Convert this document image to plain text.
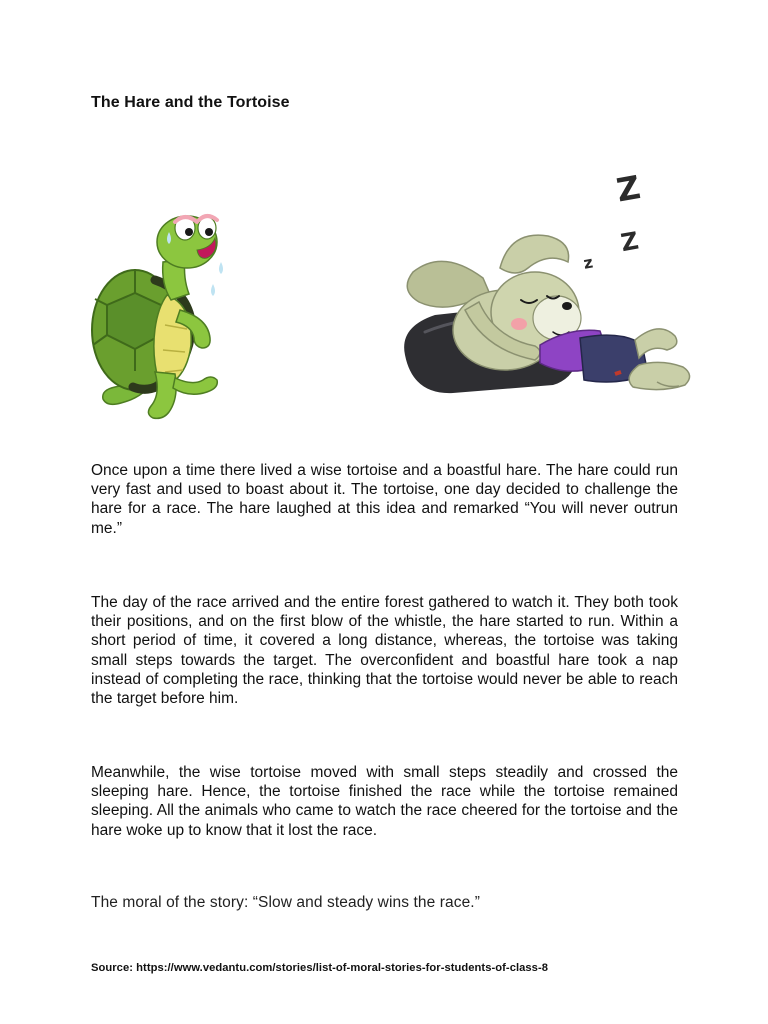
The Hare and the Tortoise
Z
Z
z

Once upon a time there lived a wise tortoise and a boastful hare. The hare could run very fast and used to boast about it. The tortoise, one day decided to challenge the hare for a race. The hare laughed at this idea and remarked “You will never outrun me.”

The day of the race arrived and the entire forest gathered to watch it. They both took their positions, and on the first blow of the whistle, the hare started to run. Within a short period of time, it covered a long distance, whereas, the tortoise was taking small steps towards the target. The overconfident and boastful hare took a nap instead of completing the race, thinking that the tortoise would never be able to reach the target before him.

Meanwhile, the wise tortoise moved with small steps steadily and crossed the sleeping hare. Hence, the tortoise finished the race while the tortoise remained sleeping. All the animals who came to watch the race cheered for the tortoise and the hare woke up to know that it lost the race.

The moral of the story: “Slow and steady wins the race.”

Source: https://www.vedantu.com/stories/list-of-moral-stories-for-students-of-class-8
